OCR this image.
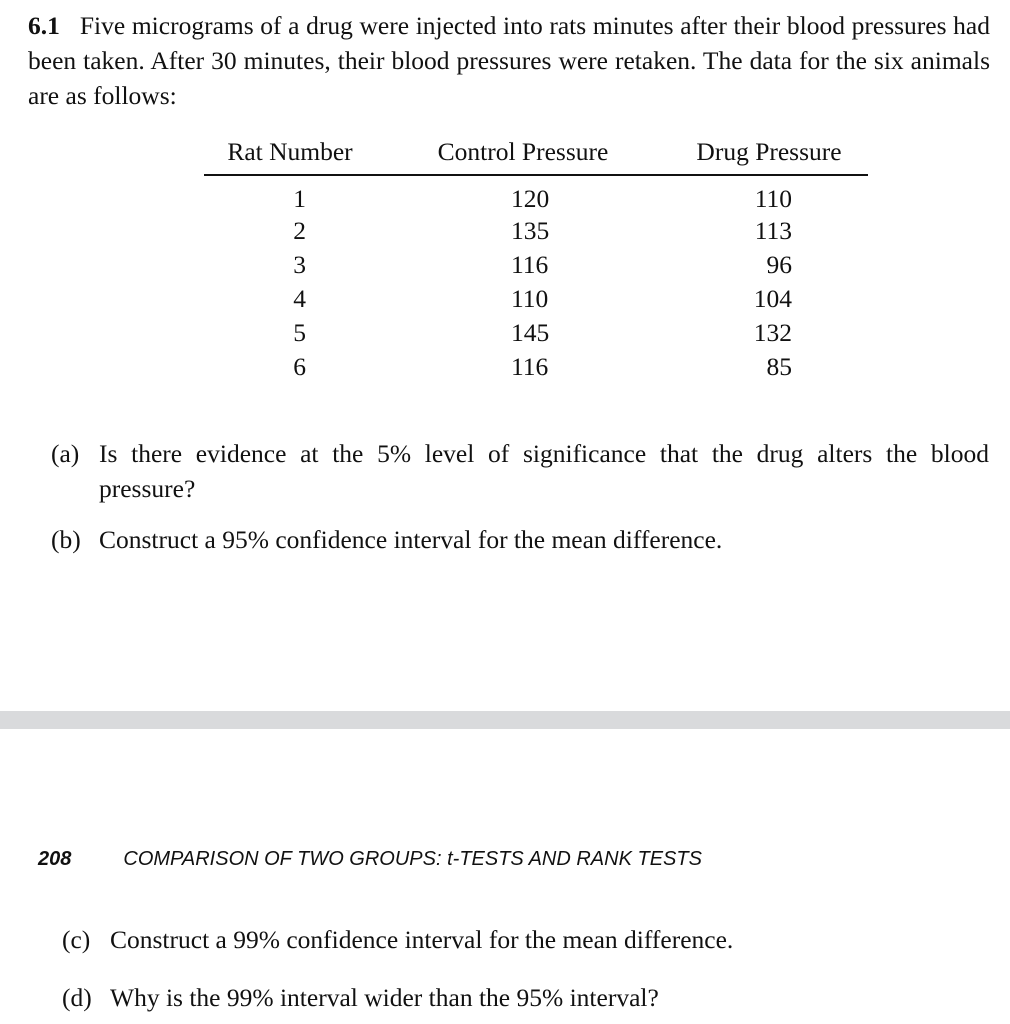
6.1 Five micrograms of a drug were injected into rats minutes after their blood pressures had been taken. After 30 minutes, their blood pressures were retaken. The data for the six animals are as follows:
Rat Number	Control Pressure	Drug Pressure
1	120	110
2	135	113
3	116	96
4	110	104
5	145	132
6	116	85
(a) Is there evidence at the 5% level of significance that the drug alters the blood pressure?
(b) Construct a 95% confidence interval for the mean difference.
208	COMPARISON OF TWO GROUPS: t-TESTS AND RANK TESTS
(c) Construct a 99% confidence interval for the mean difference.
(d) Why is the 99% interval wider than the 95% interval?
